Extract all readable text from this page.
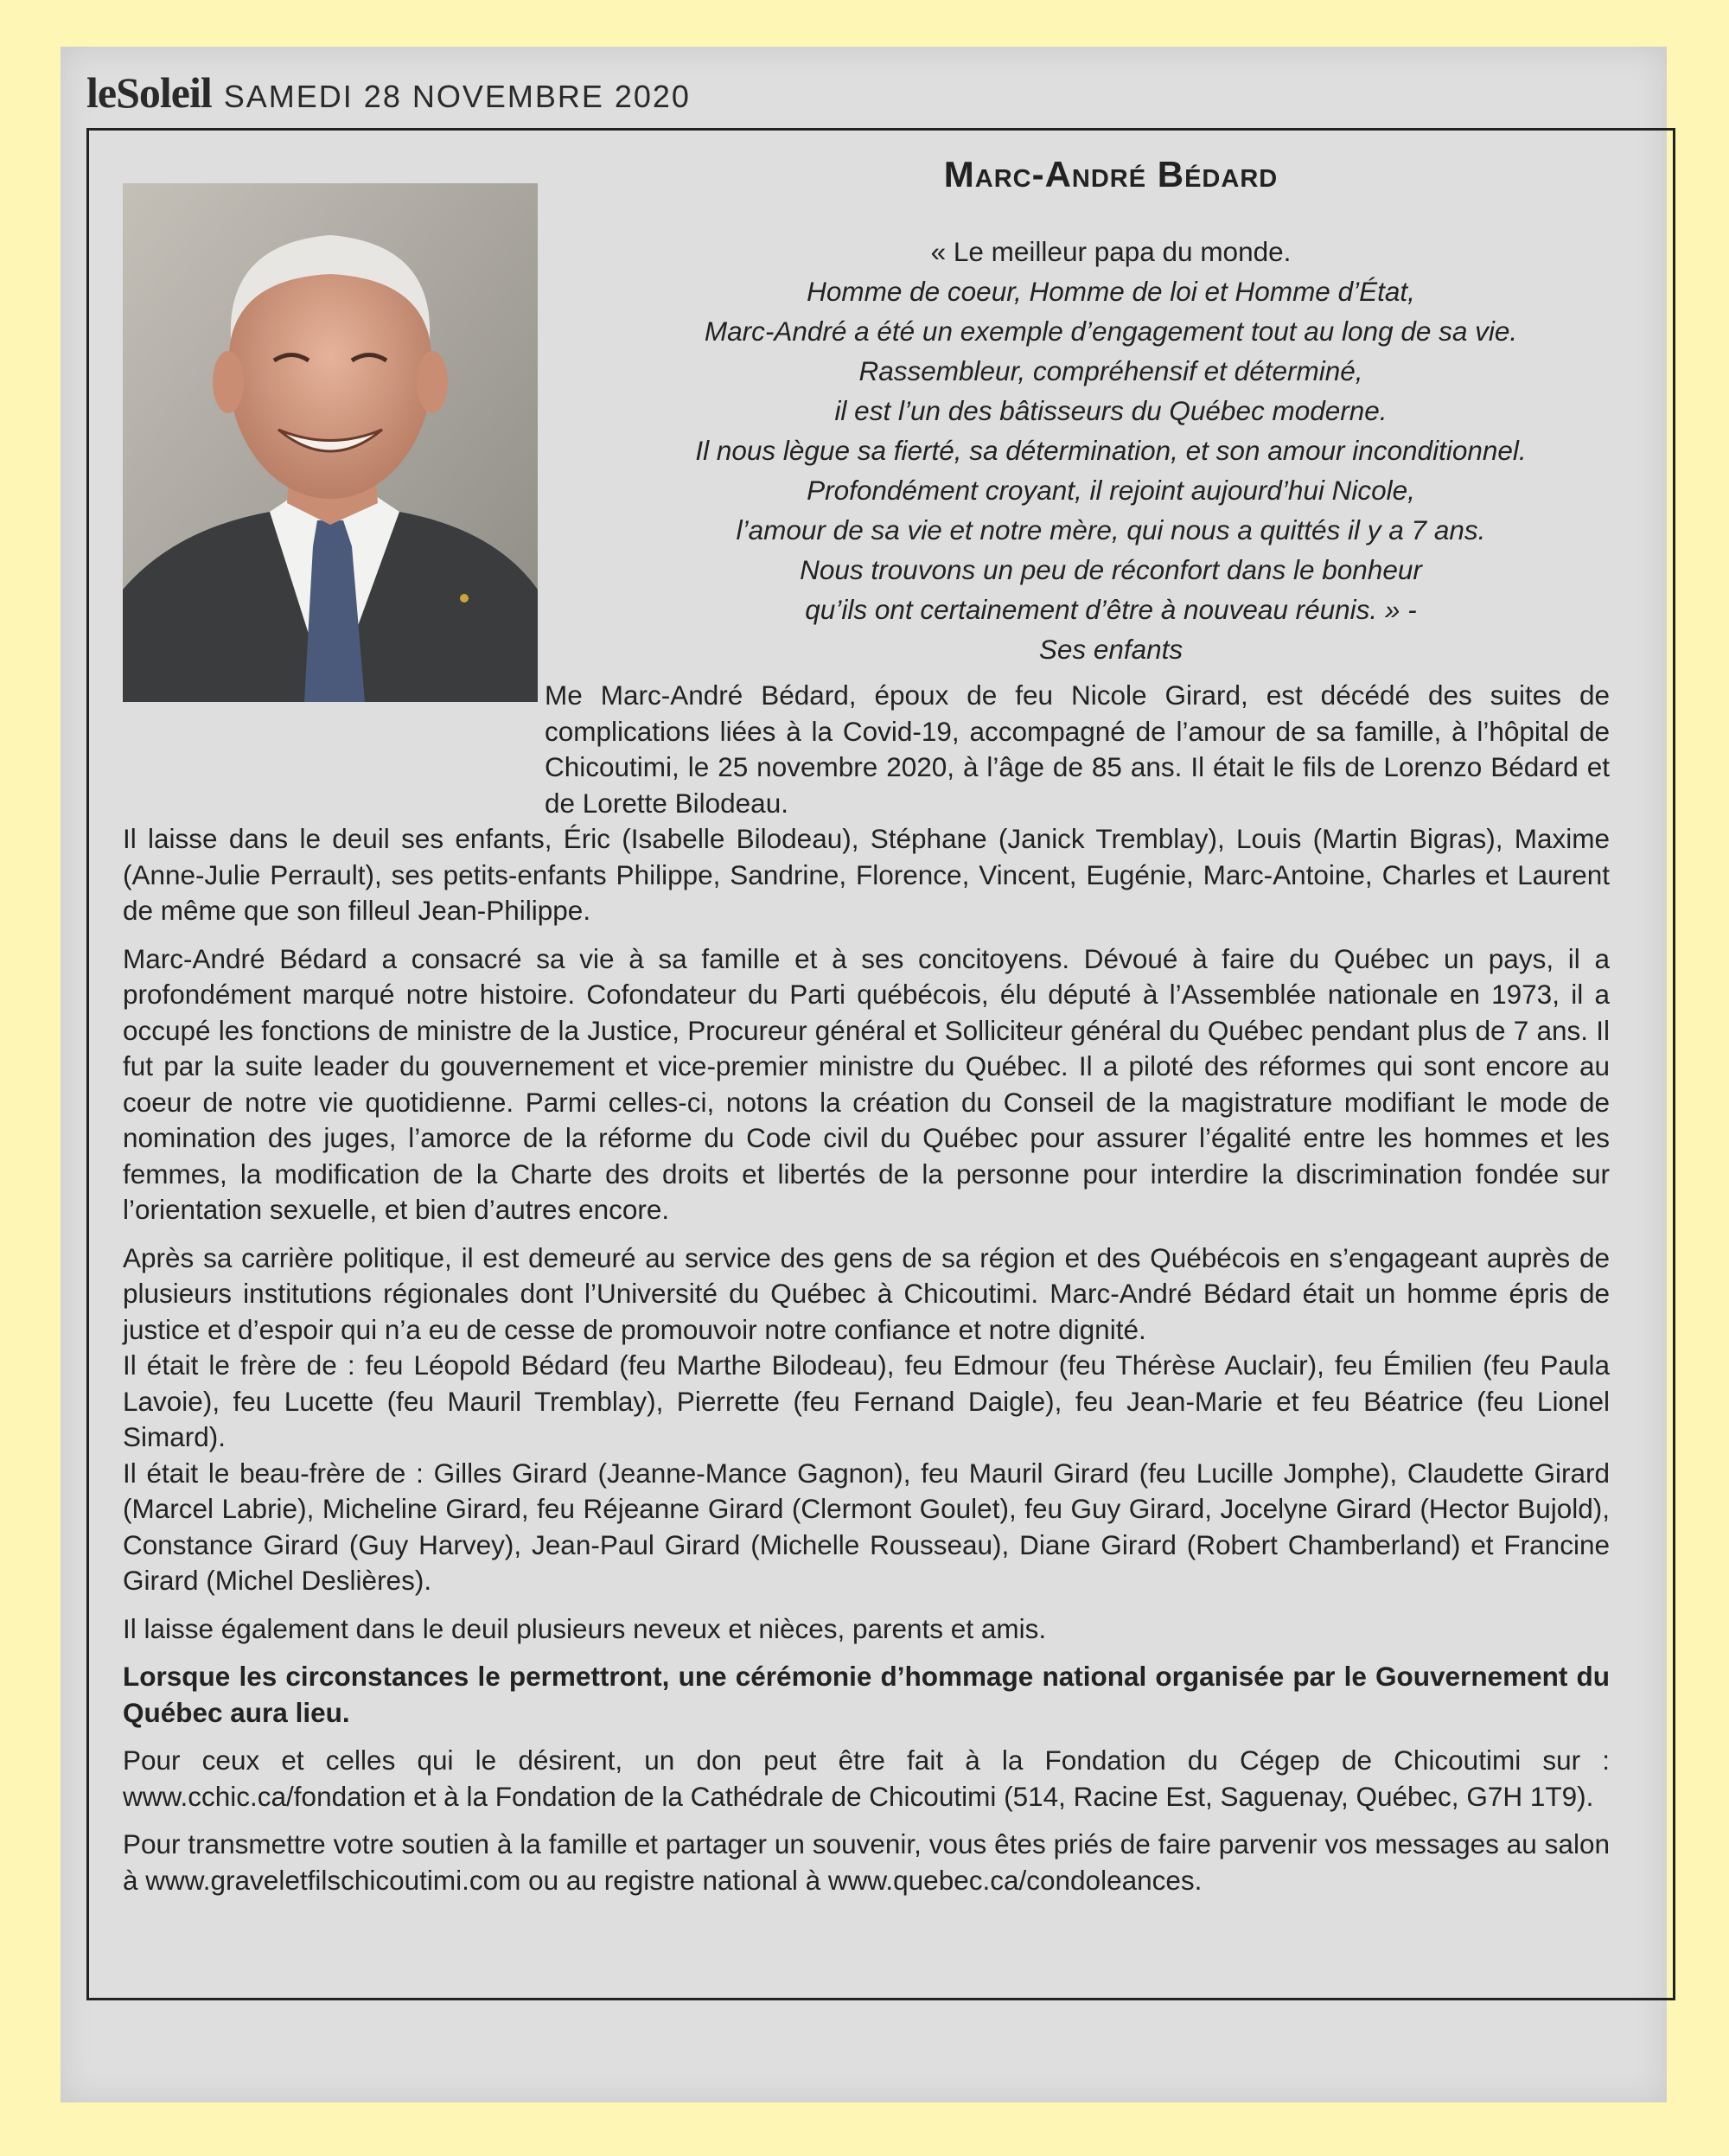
leSoleil SAMEDI 28 NOVEMBRE 2020
Marc-André Bédard
« Le meilleur papa du monde.
Homme de coeur, Homme de loi et Homme d’État,
Marc-André a été un exemple d’engagement tout au long de sa vie.
Rassembleur, compréhensif et déterminé,
il est l’un des bâtisseurs du Québec moderne.
Il nous lègue sa fierté, sa détermination, et son amour inconditionnel.
Profondément croyant, il rejoint aujourd’hui Nicole,
l’amour de sa vie et notre mère, qui nous a quittés il y a 7 ans.
Nous trouvons un peu de réconfort dans le bonheur
qu’ils ont certainement d’être à nouveau réunis. » -
Ses enfants

Me Marc-André Bédard, époux de feu Nicole Girard, est décédé des suites de complications liées à la Covid-19, accompagné de l’amour de sa famille, à l’hôpital de Chicoutimi, le 25 novembre 2020, à l’âge de 85 ans. Il était le fils de Lorenzo Bédard et de Lorette Bilodeau.

Il laisse dans le deuil ses enfants, Éric (Isabelle Bilodeau), Stéphane (Janick Tremblay), Louis (Martin Bigras), Maxime (Anne-Julie Perrault), ses petits-enfants Philippe, Sandrine, Florence, Vincent, Eugénie, Marc-Antoine, Charles et Laurent de même que son filleul Jean-Philippe.

Marc-André Bédard a consacré sa vie à sa famille et à ses concitoyens. Dévoué à faire du Québec un pays, il a profondément marqué notre histoire. Cofondateur du Parti québécois, élu député à l’Assemblée nationale en 1973, il a occupé les fonctions de ministre de la Justice, Procureur général et Solliciteur général du Québec pendant plus de 7 ans. Il fut par la suite leader du gouvernement et vice-premier ministre du Québec. Il a piloté des réformes qui sont encore au coeur de notre vie quotidienne. Parmi celles-ci, notons la création du Conseil de la magistrature modifiant le mode de nomination des juges, l’amorce de la réforme du Code civil du Québec pour assurer l’égalité entre les hommes et les femmes, la modification de la Charte des droits et libertés de la personne pour interdire la discrimination fondée sur l’orientation sexuelle, et bien d’autres encore.

Après sa carrière politique, il est demeuré au service des gens de sa région et des Québécois en s’engageant auprès de plusieurs institutions régionales dont l’Université du Québec à Chicoutimi. Marc-André Bédard était un homme épris de justice et d’espoir qui n’a eu de cesse de promouvoir notre confiance et notre dignité.

Il était le frère de : feu Léopold Bédard (feu Marthe Bilodeau), feu Edmour (feu Thérèse Auclair), feu Émilien (feu Paula Lavoie), feu Lucette (feu Mauril Tremblay), Pierrette (feu Fernand Daigle), feu Jean-Marie et feu Béatrice (feu Lionel Simard).

Il était le beau-frère de : Gilles Girard (Jeanne-Mance Gagnon), feu Mauril Girard (feu Lucille Jomphe), Claudette Girard (Marcel Labrie), Micheline Girard, feu Réjeanne Girard (Clermont Goulet), feu Guy Girard, Jocelyne Girard (Hector Bujold), Constance Girard (Guy Harvey), Jean-Paul Girard (Michelle Rousseau), Diane Girard (Robert Chamberland) et Francine Girard (Michel Deslières).

Il laisse également dans le deuil plusieurs neveux et nièces, parents et amis.

Lorsque les circonstances le permettront, une cérémonie d’hommage national organisée par le Gouvernement du Québec aura lieu.

Pour ceux et celles qui le désirent, un don peut être fait à la Fondation du Cégep de Chicoutimi sur : www.cchic.ca/fondation et à la Fondation de la Cathédrale de Chicoutimi (514, Racine Est, Saguenay, Québec, G7H 1T9).

Pour transmettre votre soutien à la famille et partager un souvenir, vous êtes priés de faire parvenir vos messages au salon à www.graveletfilschicoutimi.com ou au registre national à www.quebec.ca/condoleances.
